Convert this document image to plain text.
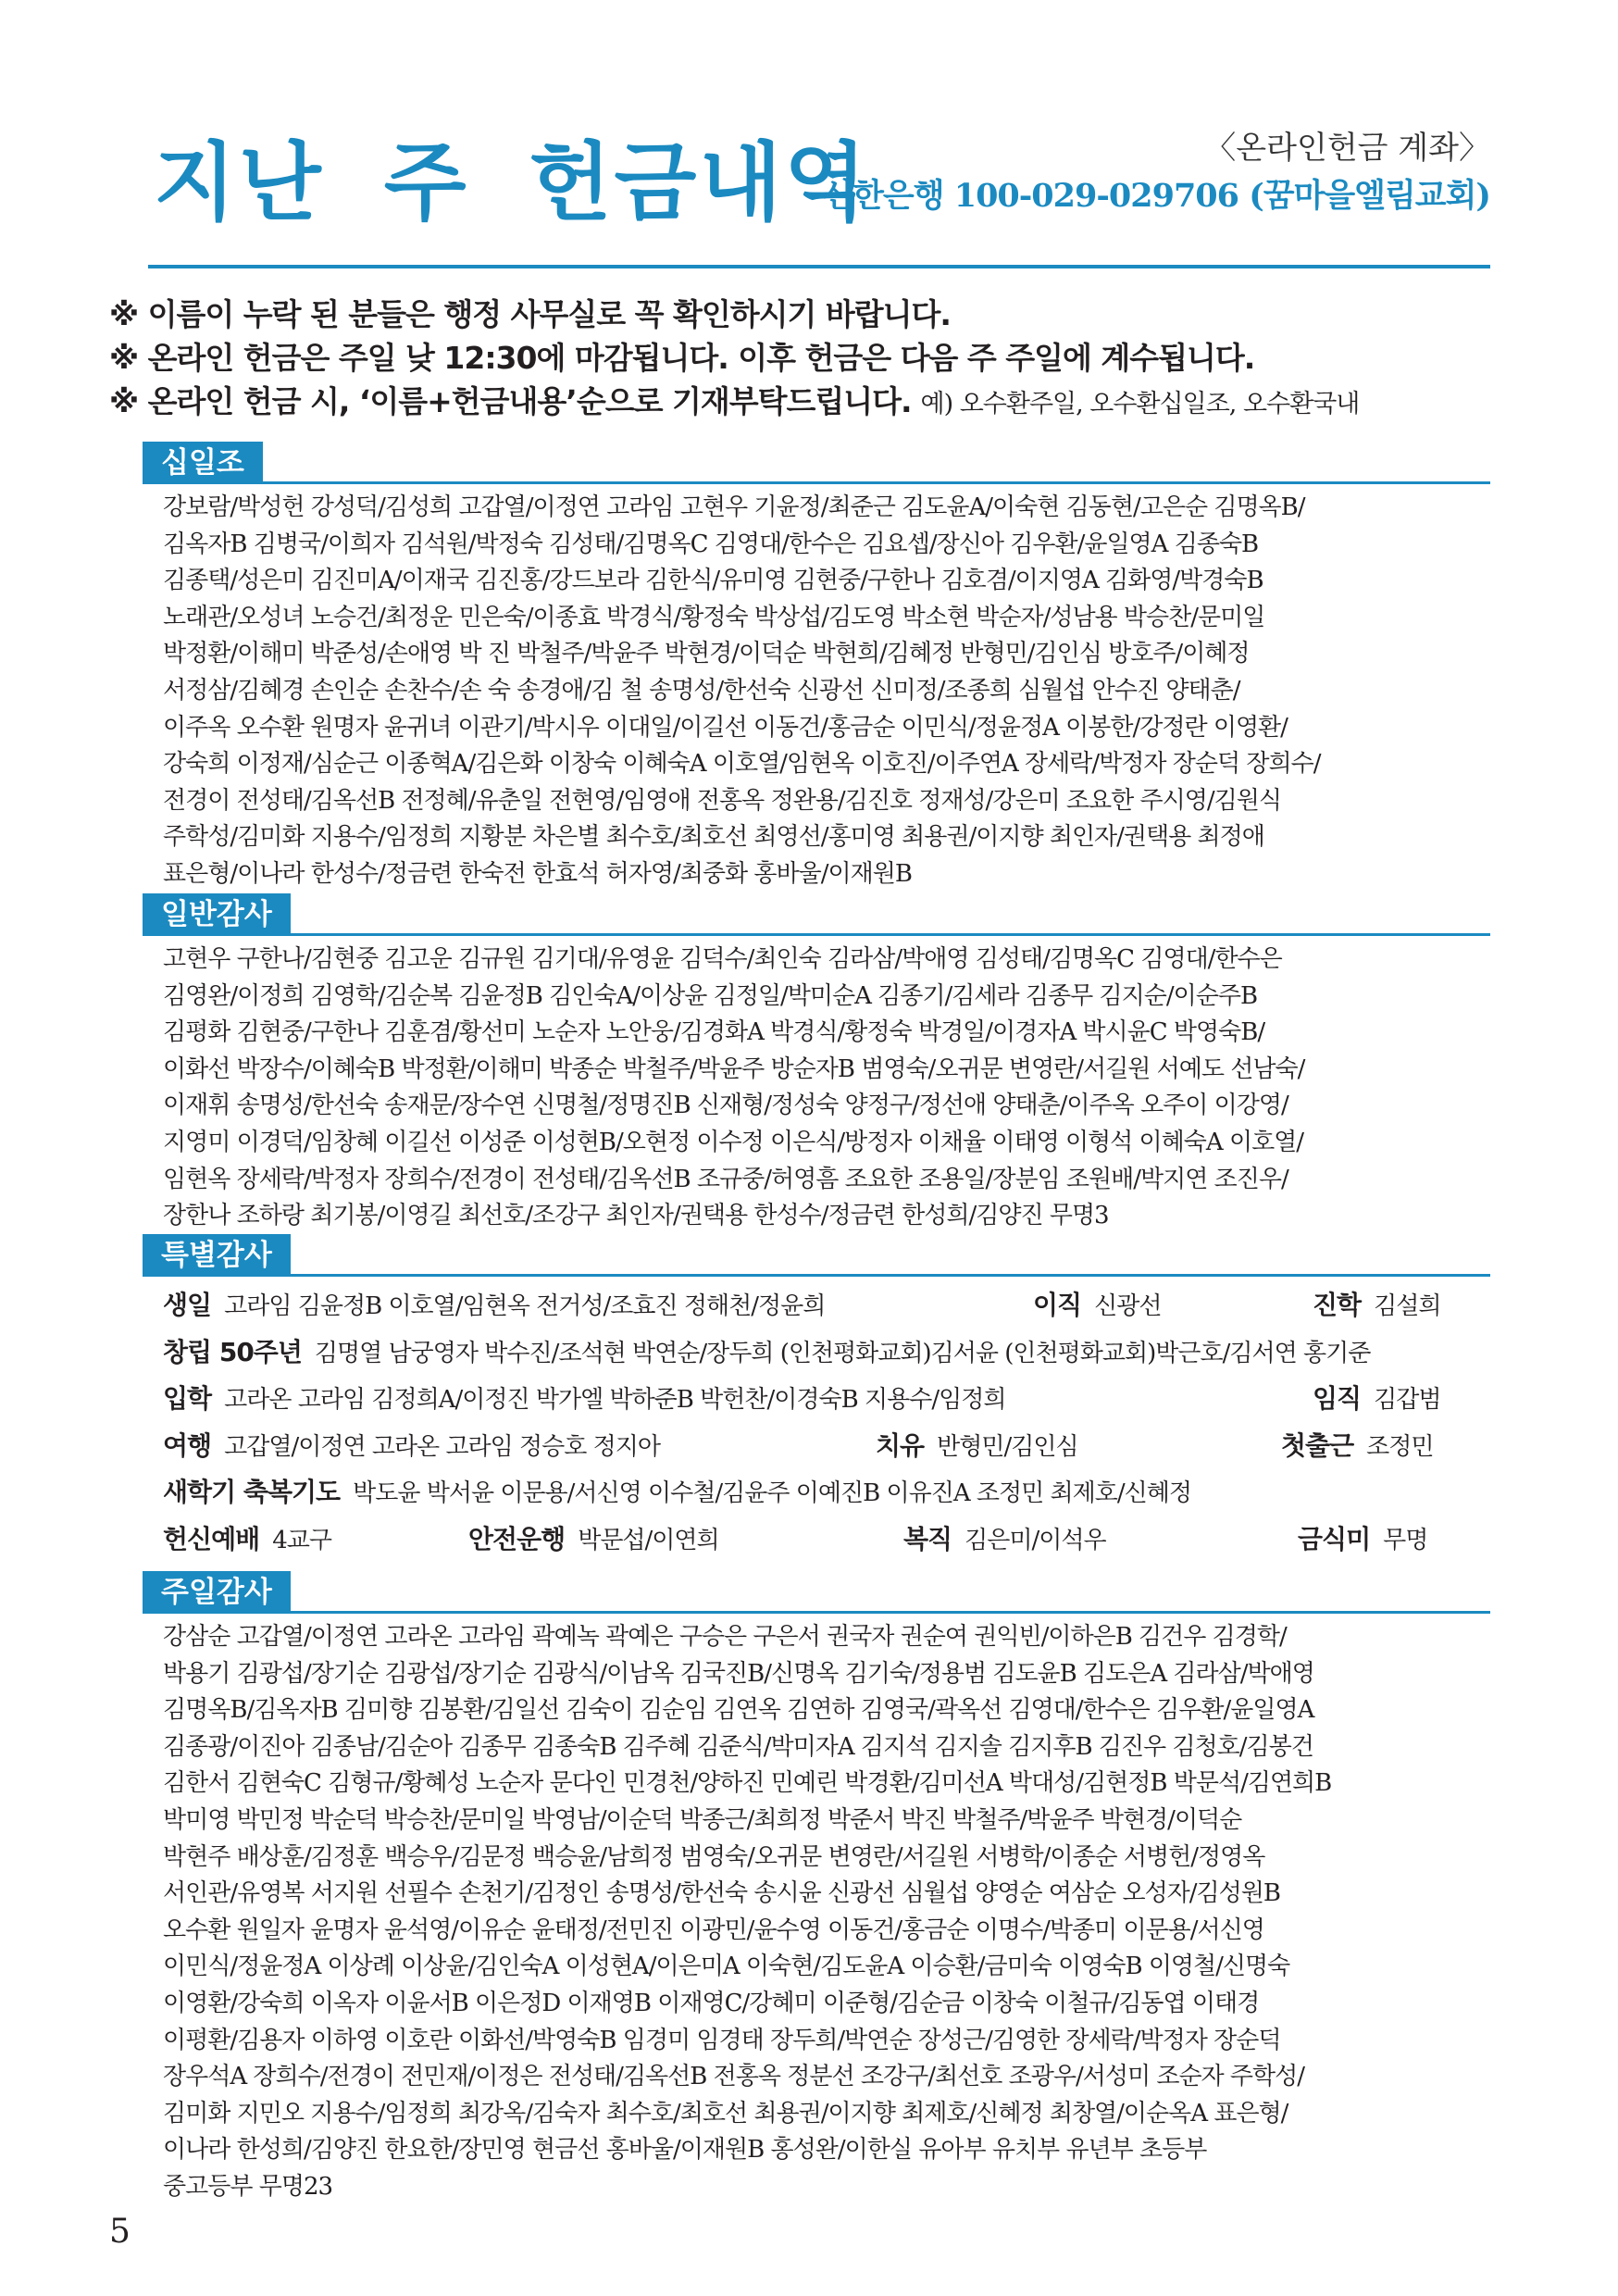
지난 주 헌금내역	〈온라인헌금 계좌〉
신한은행 100-029-029706 (꿈마을엘림교회)
※ 이름이 누락 된 분들은 행정 사무실로 꼭 확인하시기 바랍니다.
※ 온라인 헌금은 주일 낮 12:30에 마감됩니다. 이후 헌금은 다음 주 주일에 계수됩니다.
※ 온라인 헌금 시, ‘이름+헌금내용’순으로 기재부탁드립니다. 예) 오수환주일, 오수환십일조, 오수환국내
십일조
강보람/박성헌 강성덕/김성희 고갑열/이정연 고라임 고현우 기윤정/최준근 김도윤A/이숙현 김동현/고은순 김명옥B/
김옥자B 김병국/이희자 김석원/박정숙 김성태/김명옥C 김영대/한수은 김요셉/장신아 김우환/윤일영A 김종숙B
김종택/성은미 김진미A/이재국 김진홍/강드보라 김한식/유미영 김현중/구한나 김호겸/이지영A 김화영/박경숙B
노래관/오성녀 노승건/최정운 민은숙/이종효 박경식/황정숙 박상섭/김도영 박소현 박순자/성남용 박승찬/문미일
박정환/이해미 박준성/손애영 박 진 박철주/박윤주 박현경/이덕순 박현희/김혜정 반형민/김인심 방호주/이혜정
서정삼/김혜경 손인순 손찬수/손 숙 송경애/김 철 송명성/한선숙 신광선 신미정/조종희 심월섭 안수진 양태춘/
이주옥 오수환 원명자 윤귀녀 이관기/박시우 이대일/이길선 이동건/홍금순 이민식/정윤정A 이봉한/강정란 이영환/
강숙희 이정재/심순근 이종혁A/김은화 이창숙 이혜숙A 이호열/임현옥 이호진/이주연A 장세락/박정자 장순덕 장희수/
전경이 전성태/김옥선B 전정혜/유춘일 전현영/임영애 전홍옥 정완용/김진호 정재성/강은미 조요한 주시영/김원식
주학성/김미화 지용수/임정희 지황분 차은별 최수호/최호선 최영선/홍미영 최용권/이지향 최인자/권택용 최정애
표은형/이나라 한성수/정금련 한숙전 한효석 허자영/최중화 홍바울/이재원B
일반감사
고현우 구한나/김현중 김고운 김규원 김기대/유영윤 김덕수/최인숙 김라삼/박애영 김성태/김명옥C 김영대/한수은
김영완/이정희 김영학/김순복 김윤정B 김인숙A/이상윤 김정일/박미순A 김종기/김세라 김종무 김지순/이순주B
김평화 김현중/구한나 김훈겸/황선미 노순자 노안웅/김경화A 박경식/황정숙 박경일/이경자A 박시윤C 박영숙B/
이화선 박장수/이혜숙B 박정환/이해미 박종순 박철주/박윤주 방순자B 범영숙/오귀문 변영란/서길원 서예도 선남숙/
이재휘 송명성/한선숙 송재문/장수연 신명철/정명진B 신재형/정성숙 양정구/정선애 양태춘/이주옥 오주이 이강영/
지영미 이경덕/임창혜 이길선 이성준 이성현B/오현정 이수정 이은식/방정자 이채율 이태영 이형석 이혜숙A 이호열/
임현옥 장세락/박정자 장희수/전경이 전성태/김옥선B 조규중/허영흠 조요한 조용일/장분임 조원배/박지연 조진우/
장한나 조하랑 최기봉/이영길 최선호/조강구 최인자/권택용 한성수/정금련 한성희/김양진 무명3
특별감사
생일 고라임 김윤정B 이호열/임현옥 전거성/조효진 정해천/정윤희	이직 신광선	진학 김설희
창립 50주년 김명열 남궁영자 박수진/조석현 박연순/장두희 (인천평화교회)김서윤 (인천평화교회)박근호/김서연 홍기준
입학 고라온 고라임 김정희A/이정진 박가엘 박하준B 박헌찬/이경숙B 지용수/임정희	임직 김갑범
여행 고갑열/이정연 고라온 고라임 정승호 정지아	치유 반형민/김인심	첫출근 조정민
새학기 축복기도 박도윤 박서윤 이문용/서신영 이수철/김윤주 이예진B 이유진A 조정민 최제호/신혜정
헌신예배 4교구	안전운행 박문섭/이연희	복직 김은미/이석우	금식미 무명
주일감사
강삼순 고갑열/이정연 고라온 고라임 곽예녹 곽예은 구승은 구은서 권국자 권순여 권익빈/이하은B 김건우 김경학/
박용기 김광섭/장기순 김광섭/장기순 김광식/이남옥 김국진B/신명옥 김기숙/정용범 김도윤B 김도은A 김라삼/박애영
김명옥B/김옥자B 김미향 김봉환/김일선 김숙이 김순임 김연옥 김연하 김영국/곽옥선 김영대/한수은 김우환/윤일영A
김종광/이진아 김종남/김순아 김종무 김종숙B 김주혜 김준식/박미자A 김지석 김지솔 김지후B 김진우 김청호/김봉건
김한서 김현숙C 김형규/황혜성 노순자 문다인 민경천/양하진 민예린 박경환/김미선A 박대성/김현정B 박문석/김연희B
박미영 박민정 박순덕 박승찬/문미일 박영남/이순덕 박종근/최희정 박준서 박진 박철주/박윤주 박현경/이덕순
박현주 배상훈/김정훈 백승우/김문정 백승윤/남희정 범영숙/오귀문 변영란/서길원 서병학/이종순 서병헌/정영옥
서인관/유영복 서지원 선필수 손천기/김정인 송명성/한선숙 송시윤 신광선 심월섭 양영순 여삼순 오성자/김성원B
오수환 원일자 윤명자 윤석영/이유순 윤태정/전민진 이광민/윤수영 이동건/홍금순 이명수/박종미 이문용/서신영
이민식/정윤정A 이상례 이상윤/김인숙A 이성현A/이은미A 이숙현/김도윤A 이승환/금미숙 이영숙B 이영철/신명숙
이영환/강숙희 이옥자 이윤서B 이은정D 이재영B 이재영C/강혜미 이준형/김순금 이창숙 이철규/김동엽 이태경
이평환/김용자 이하영 이호란 이화선/박영숙B 임경미 임경태 장두희/박연순 장성근/김영한 장세락/박정자 장순덕
장우석A 장희수/전경이 전민재/이정은 전성태/김옥선B 전홍옥 정분선 조강구/최선호 조광우/서성미 조순자 주학성/
김미화 지민오 지용수/임정희 최강옥/김숙자 최수호/최호선 최용권/이지향 최제호/신혜정 최창열/이순옥A 표은형/
이나라 한성희/김양진 한요한/장민영 현금선 홍바울/이재원B 홍성완/이한실 유아부 유치부 유년부 초등부
중고등부 무명23
5
